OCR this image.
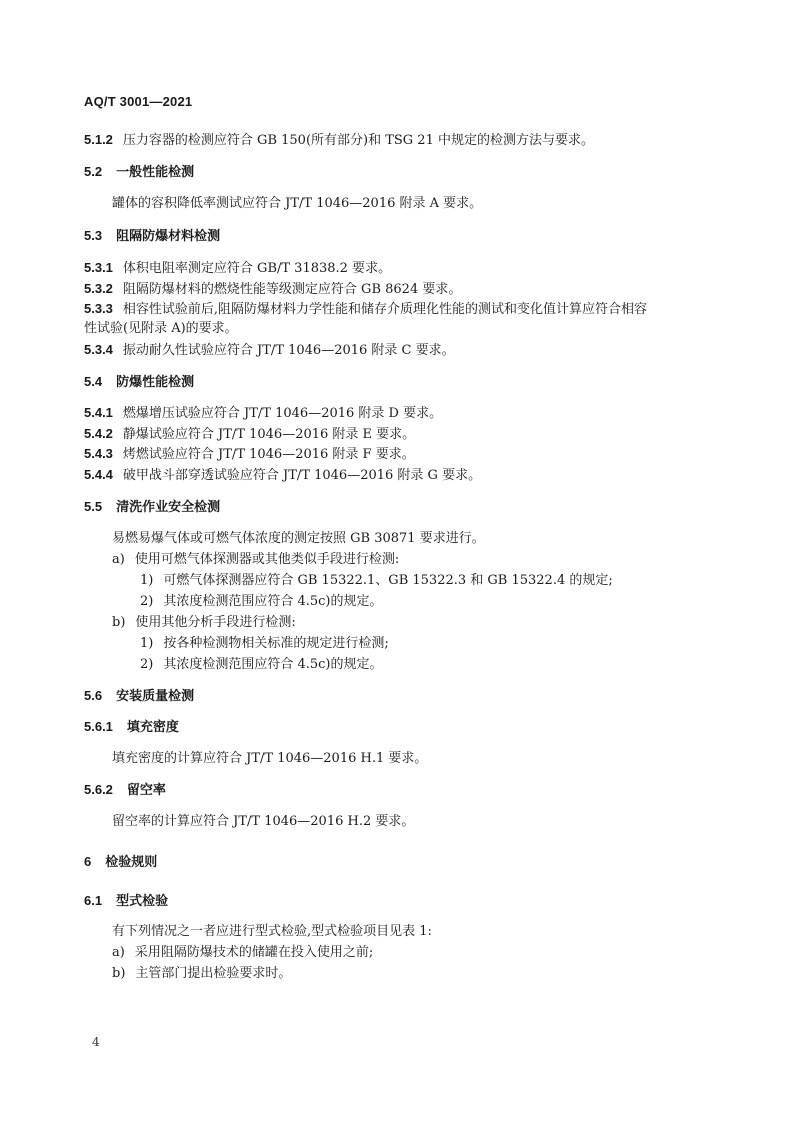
AQ/T 3001—2021
5.1.2 压力容器的检测应符合 GB 150(所有部分)和 TSG 21 中规定的检测方法与要求。
5.2 一般性能检测
罐体的容积降低率测试应符合 JT/T 1046—2016 附录 A 要求。
5.3 阻隔防爆材料检测
5.3.1 体积电阻率测定应符合 GB/T 31838.2 要求。
5.3.2 阻隔防爆材料的燃烧性能等级测定应符合 GB 8624 要求。
5.3.3 相容性试验前后,阻隔防爆材料力学性能和储存介质理化性能的测试和变化值计算应符合相容
性试验(见附录 A)的要求。
5.3.4 振动耐久性试验应符合 JT/T 1046—2016 附录 C 要求。
5.4 防爆性能检测
5.4.1 燃爆增压试验应符合 JT/T 1046—2016 附录 D 要求。
5.4.2 静爆试验应符合 JT/T 1046—2016 附录 E 要求。
5.4.3 烤燃试验应符合 JT/T 1046—2016 附录 F 要求。
5.4.4 破甲战斗部穿透试验应符合 JT/T 1046—2016 附录 G 要求。
5.5 清洗作业安全检测
易燃易爆气体或可燃气体浓度的测定按照 GB 30871 要求进行。
a) 使用可燃气体探测器或其他类似手段进行检测:
1) 可燃气体探测器应符合 GB 15322.1、GB 15322.3 和 GB 15322.4 的规定;
2) 其浓度检测范围应符合 4.5c)的规定。
b) 使用其他分析手段进行检测:
1) 按各种检测物相关标准的规定进行检测;
2) 其浓度检测范围应符合 4.5c)的规定。
5.6 安装质量检测
5.6.1 填充密度
填充密度的计算应符合 JT/T 1046—2016 H.1 要求。
5.6.2 留空率
留空率的计算应符合 JT/T 1046—2016 H.2 要求。
6 检验规则
6.1 型式检验
有下列情况之一者应进行型式检验,型式检验项目见表 1:
a) 采用阻隔防爆技术的储罐在投入使用之前;
b) 主管部门提出检验要求时。
4
